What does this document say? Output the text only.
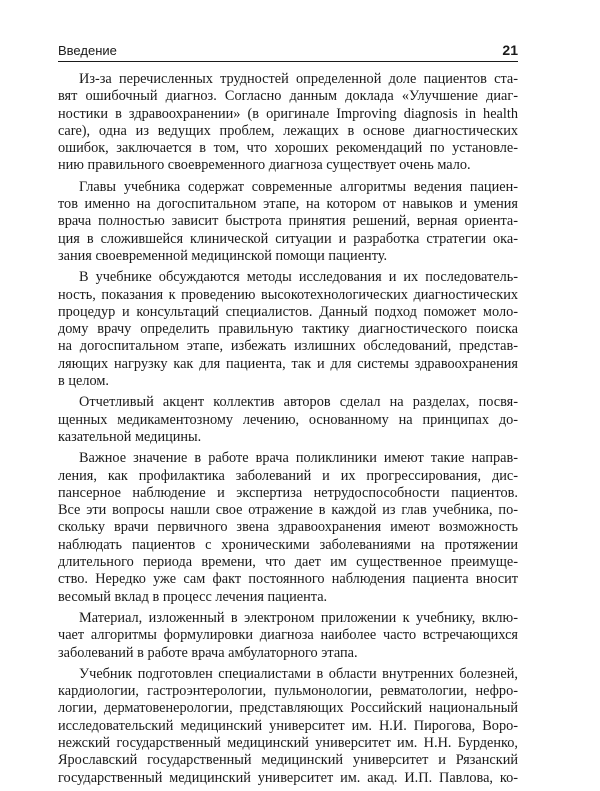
Введение	21
Из-за перечисленных трудностей определенной доле пациентов ста-
вят ошибочный диагноз. Согласно данным доклада «Улучшение диаг-
ностики в здравоохранении» (в оригинале Improving diagnosis in health
care), одна из ведущих проблем, лежащих в основе диагностических
ошибок, заключается в том, что хороших рекомендаций по установле-
нию правильного своевременного диагноза существует очень мало.
Главы учебника содержат современные алгоритмы ведения пациен-
тов именно на догоспитальном этапе, на котором от навыков и умения
врача полностью зависит быстрота принятия решений, верная ориента-
ция в сложившейся клинической ситуации и разработка стратегии ока-
зания своевременной медицинской помощи пациенту.
В учебнике обсуждаются методы исследования и их последователь-
ность, показания к проведению высокотехнологических диагностических
процедур и консультаций специалистов. Данный подход поможет моло-
дому врачу определить правильную тактику диагностического поиска
на догоспитальном этапе, избежать излишних обследований, представ-
ляющих нагрузку как для пациента, так и для системы здравоохранения
в целом.
Отчетливый акцент коллектив авторов сделал на разделах, посвя-
щенных медикаментозному лечению, основанному на принципах до-
казательной медицины.
Важное значение в работе врача поликлиники имеют такие направ-
ления, как профилактика заболеваний и их прогрессирования, дис-
пансерное наблюдение и экспертиза нетрудоспособности пациентов.
Все эти вопросы нашли свое отражение в каждой из глав учебника, по-
скольку врачи первичного звена здравоохранения имеют возможность
наблюдать пациентов с хроническими заболеваниями на протяжении
длительного периода времени, что дает им существенное преимуще-
ство. Нередко уже сам факт постоянного наблюдения пациента вносит
весомый вклад в процесс лечения пациента.
Материал, изложенный в электроном приложении к учебнику, вклю-
чает алгоритмы формулировки диагноза наиболее часто встречающихся
заболеваний в работе врача амбулаторного этапа.
Учебник подготовлен специалистами в области внутренних болезней,
кардиологии, гастроэнтерологии, пульмонологии, ревматологии, нефро-
логии, дерматовенерологии, представляющих Российский национальный
исследовательский медицинский университет им. Н.И. Пирогова, Воро-
нежский государственный медицинский университет им. Н.Н. Бурденко,
Ярославский государственный медицинский университет и Рязанский
государственный медицинский университет им. акад. И.П. Павлова, ко-
